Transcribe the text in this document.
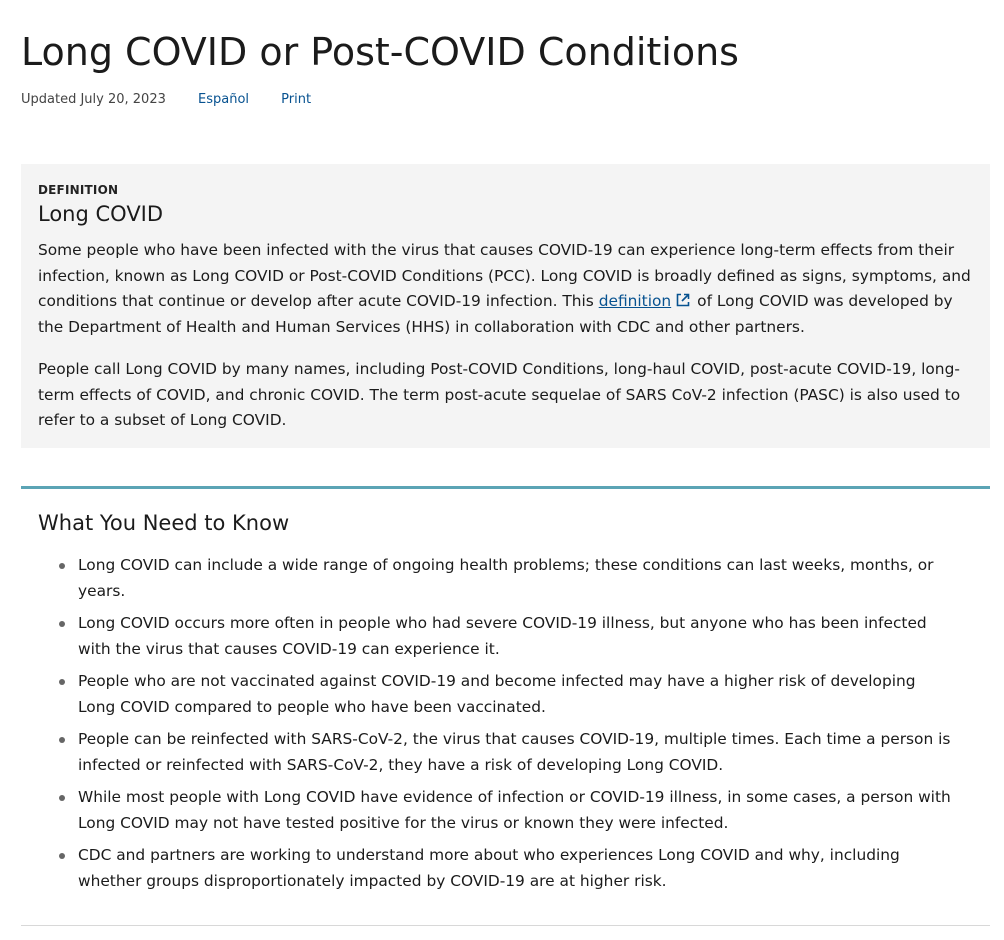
Long COVID or Post-COVID Conditions
Updated July 20, 2023 Español Print
DEFINITION
Long COVID

Some people who have been infected with the virus that causes COVID-19 can experience long-term effects from their infection, known as Long COVID or Post-COVID Conditions (PCC). Long COVID is broadly defined as signs, symptoms, and conditions that continue or develop after acute COVID-19 infection. This definition of Long COVID was developed by the Department of Health and Human Services (HHS) in collaboration with CDC and other partners.

People call Long COVID by many names, including Post-COVID Conditions, long-haul COVID, post-acute COVID-19, long-term effects of COVID, and chronic COVID. The term post-acute sequelae of SARS CoV-2 infection (PASC) is also used to refer to a subset of Long COVID.

What You Need to Know
Long COVID can include a wide range of ongoing health problems; these conditions can last weeks, months, or years.
Long COVID occurs more often in people who had severe COVID-19 illness, but anyone who has been infected with the virus that causes COVID-19 can experience it.
People who are not vaccinated against COVID-19 and become infected may have a higher risk of developing Long COVID compared to people who have been vaccinated.
People can be reinfected with SARS-CoV-2, the virus that causes COVID-19, multiple times. Each time a person is infected or reinfected with SARS-CoV-2, they have a risk of developing Long COVID.
While most people with Long COVID have evidence of infection or COVID-19 illness, in some cases, a person with Long COVID may not have tested positive for the virus or known they were infected.
CDC and partners are working to understand more about who experiences Long COVID and why, including whether groups disproportionately impacted by COVID-19 are at higher risk.
